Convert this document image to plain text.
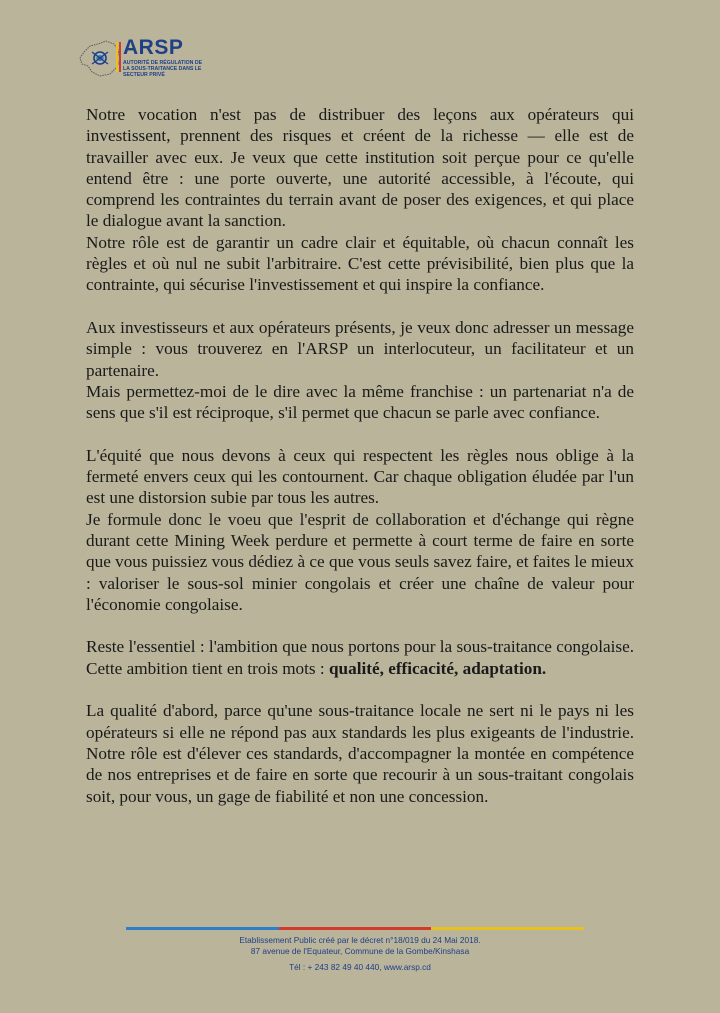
ARSP
AUTORITÉ DE RÉGULATION DE LA SOUS-TRAITANCE DANS LE SECTEUR PRIVÉ

Notre vocation n'est pas de distribuer des leçons aux opérateurs qui investissent, prennent des risques et créent de la richesse — elle est de travailler avec eux. Je veux que cette institution soit perçue pour ce qu'elle entend être : une porte ouverte, une autorité accessible, à l'écoute, qui comprend les contraintes du terrain avant de poser des exigences, et qui place le dialogue avant la sanction.

Notre rôle est de garantir un cadre clair et équitable, où chacun connaît les règles et où nul ne subit l'arbitraire. C'est cette prévisibilité, bien plus que la contrainte, qui sécurise l'investissement et qui inspire la confiance.

Aux investisseurs et aux opérateurs présents, je veux donc adresser un message simple : vous trouverez en l'ARSP un interlocuteur, un facilitateur et un partenaire.

Mais permettez-moi de le dire avec la même franchise : un partenariat n'a de sens que s'il est réciproque, s'il permet que chacun se parle avec confiance.

L'équité que nous devons à ceux qui respectent les règles nous oblige à la fermeté envers ceux qui les contournent. Car chaque obligation éludée par l'un est une distorsion subie par tous les autres.

Je formule donc le voeu que l'esprit de collaboration et d'échange qui règne durant cette Mining Week perdure et permette à court terme de faire en sorte que vous puissiez vous dédiez à ce que vous seuls savez faire, et faites le mieux : valoriser le sous-sol minier congolais et créer une chaîne de valeur pour l'économie congolaise.

Reste l'essentiel : l'ambition que nous portons pour la sous-traitance congolaise. Cette ambition tient en trois mots : qualité, efficacité, adaptation.

La qualité d'abord, parce qu'une sous-traitance locale ne sert ni le pays ni les opérateurs si elle ne répond pas aux standards les plus exigeants de l'industrie. Notre rôle est d'élever ces standards, d'accompagner la montée en compétence de nos entreprises et de faire en sorte que recourir à un sous-traitant congolais soit, pour vous, un gage de fiabilité et non une concession.

Etablissement Public créé par le décret n°18/019 du 24 Mai 2018.
87 avenue de l'Equateur, Commune de la Gombe/Kinshasa
Tél : + 243 82 49 40 440, www.arsp.cd
